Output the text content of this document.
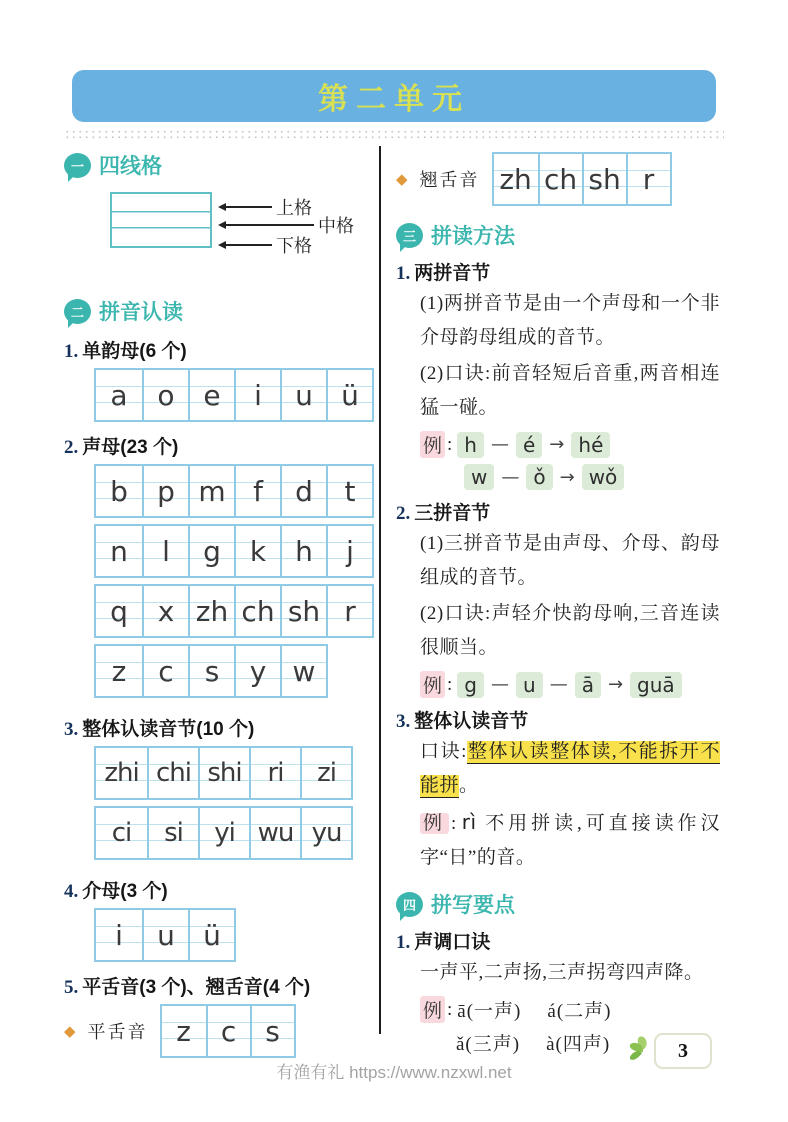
第二单元
一 四线格
上格
中格
下格
二 拼音认读
1. 单韵母(6 个)
a o e i u ü
2. 声母(23 个)
b p m f d t

n l g k h j

q x zh ch sh r

z c s y w
3. 整体认读音节(10 个)
zhi chi shi ri zi

ci si yi wu yu
4. 介母(3 个)
i u ü
5. 平舌音(3 个)、翘舌音(4 个)
◆ 平舌音 z c s
◆ 翘舌音 zh ch sh r
三 拼读方法
1. 两拼音节

(1)两拼音节是由一个声母和一个非介母韵母组成的音节。

(2)口诀:前音轻短后音重,两音相连猛一碰。

例 : h — é → hé
w — ǒ → wǒ
2. 三拼音节

(1)三拼音节是由声母、介母、韵母组成的音节。

(2)口诀:声轻介快韵母响,三音连读很顺当。

例 : g — u — ā → guā
3. 整体认读音节

口诀:整体认读整体读,不能拆开不能拼。

例 : rì 不用拼读,可直接读作汉字“日”的音。

四 拼写要点
1. 声调口诀

一声平,二声扬,三声拐弯四声降。

例 : ā(一声) á(二声)
ǎ(三声) à(四声)
有渔有礼 https://www.nzxwl.net
3
